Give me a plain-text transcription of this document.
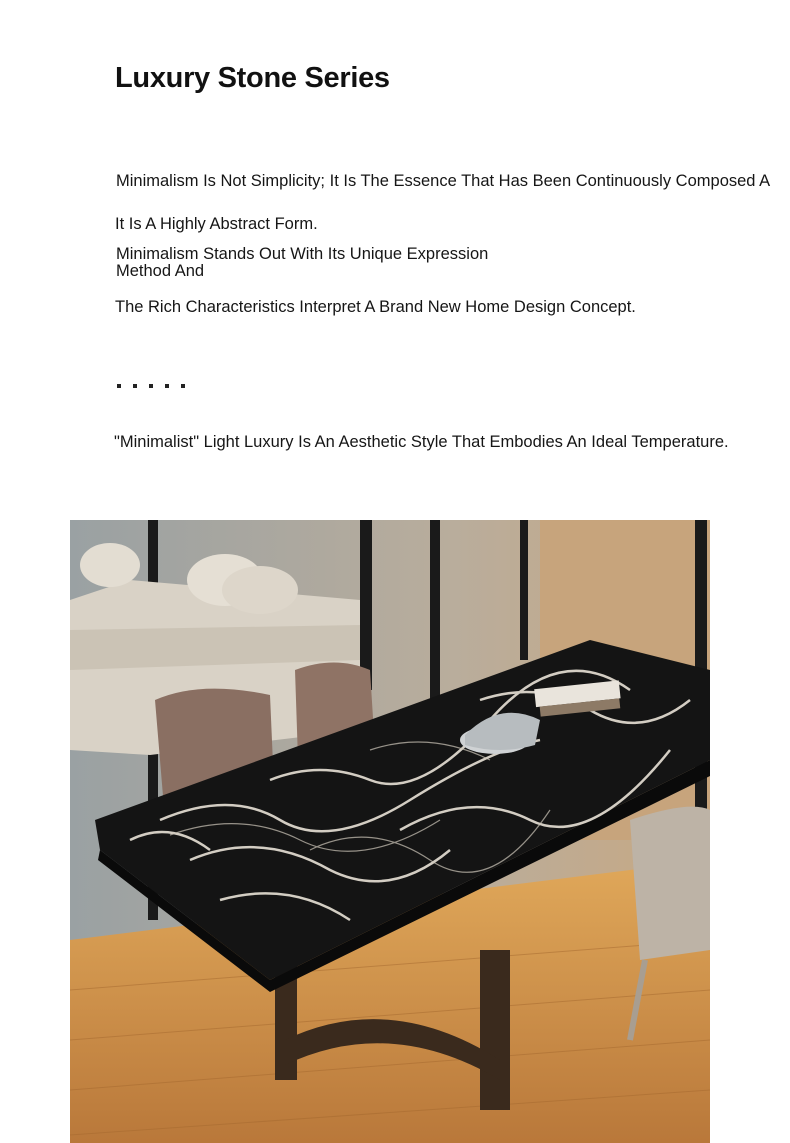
Luxury Stone Series
Minimalism Is Not Simplicity; It Is The Essence That Has Been Continuously Composed A
It Is A Highly Abstract Form.
Minimalism Stands Out With Its Unique Expression
Method And
The Rich Characteristics Interpret A Brand New Home Design Concept.
"Minimalist" Light Luxury Is An Aesthetic Style That Embodies An Ideal Temperature.
